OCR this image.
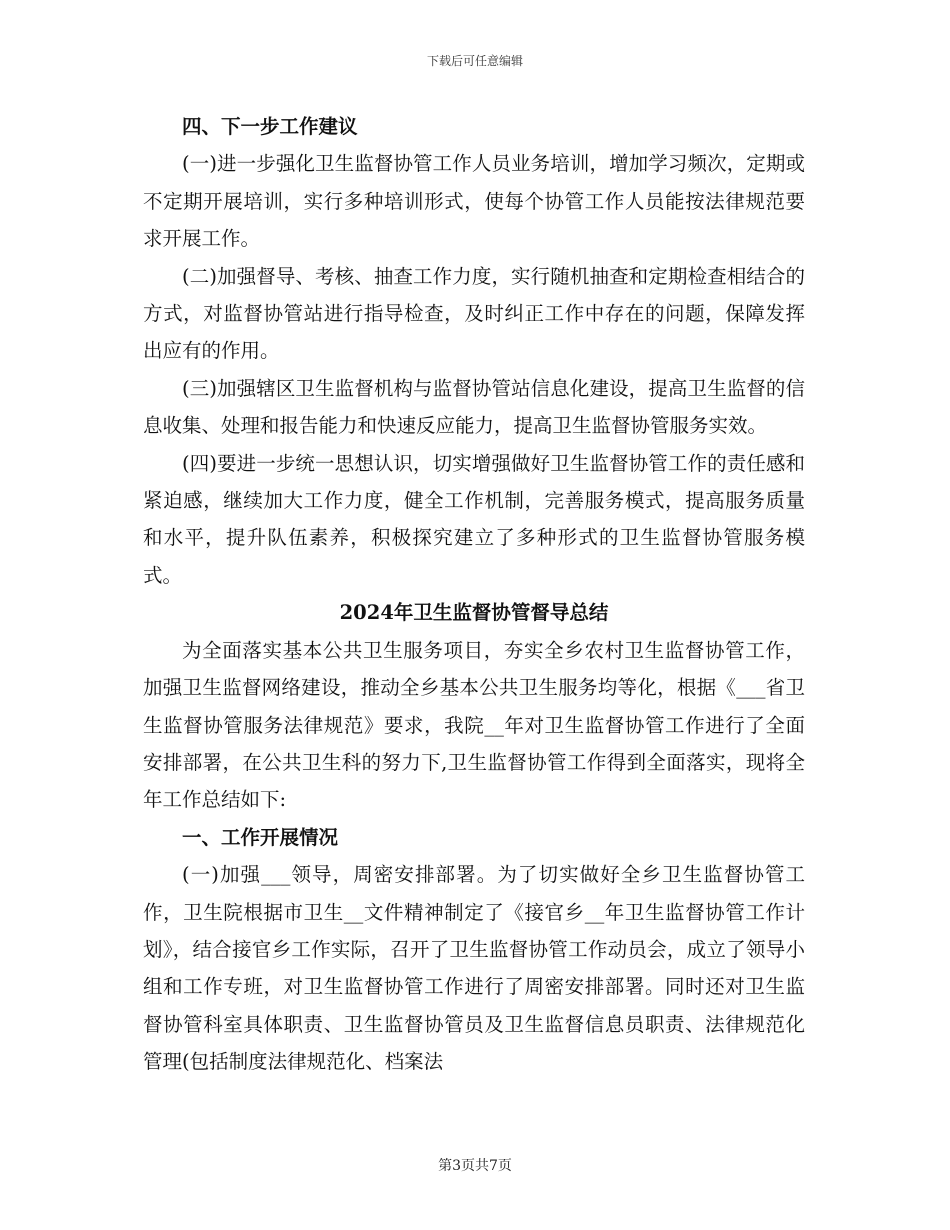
下载后可任意编辑

四、下一步工作建议

(一)进一步强化卫生监督协管工作人员业务培训，增加学习频次，定期或不定期开展培训，实行多种培训形式，使每个协管工作人员能按法律规范要求开展工作。

(二)加强督导、考核、抽查工作力度，实行随机抽查和定期检查相结合的方式，对监督协管站进行指导检查，及时纠正工作中存在的问题，保障发挥出应有的作用。

(三)加强辖区卫生监督机构与监督协管站信息化建设，提高卫生监督的信息收集、处理和报告能力和快速反应能力，提高卫生监督协管服务实效。

(四)要进一步统一思想认识，切实增强做好卫生监督协管工作的责任感和紧迫感，继续加大工作力度，健全工作机制，完善服务模式，提高服务质量和水平，提升队伍素养，积极探究建立了多种形式的卫生监督协管服务模式。

2024年卫生监督协管督导总结

为全面落实基本公共卫生服务项目，夯实全乡农村卫生监督协管工作，加强卫生监督网络建设，推动全乡基本公共卫生服务均等化，根据《___省卫生监督协管服务法律规范》要求，我院__年对卫生监督协管工作进行了全面安排部署，在公共卫生科的努力下,卫生监督协管工作得到全面落实，现将全年工作总结如下:

一、工作开展情况

(一)加强___领导，周密安排部署。为了切实做好全乡卫生监督协管工作，卫生院根据市卫生__文件精神制定了《接官乡__年卫生监督协管工作计划》，结合接官乡工作实际，召开了卫生监督协管工作动员会，成立了领导小组和工作专班，对卫生监督协管工作进行了周密安排部署。同时还对卫生监督协管科室具体职责、卫生监督协管员及卫生监督信息员职责、法律规范化管理(包括制度法律规范化、档案法

第3页共7页
